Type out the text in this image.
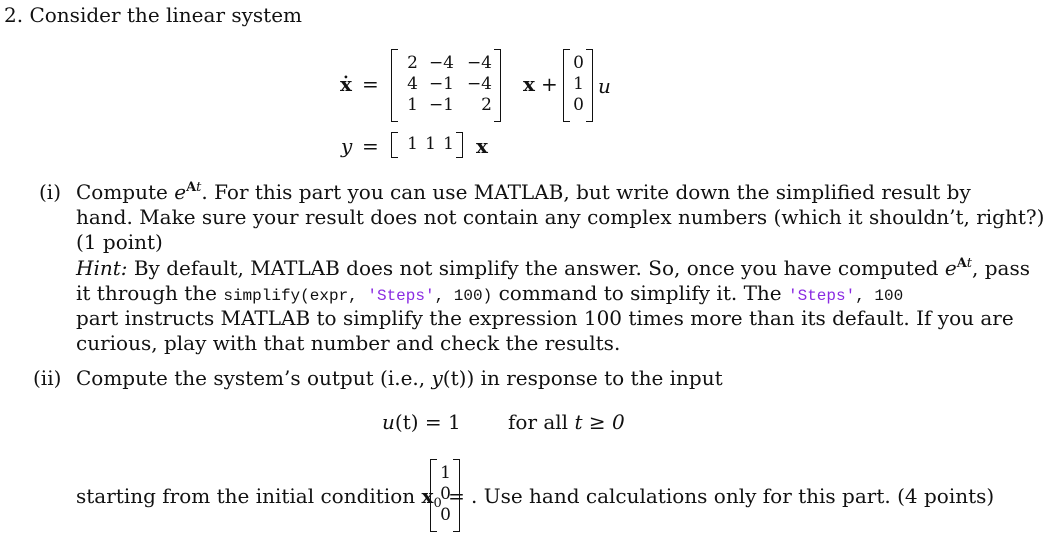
2. Consider the linear system
ẋ =
2 −4 −4
4 −1 −4
1 −1	2
x +
0
1
0
u
y =	1 1 1 x
(i) Compute $e^{At}$. For this part you can use MATLAB, but write down the simplified result by
hand. Make sure your result does not contain any complex numbers (which it shouldn’t, right?)
(1 point)
Hint: By default, MATLAB does not simplify the answer. So, once you have computed $e^{At}$, pass
it through the simplify(expr, 'Steps', 100) command to simplify it. The 'Steps', 100
part instructs MATLAB to simplify the expression 100 times more than its default. If you are
curious, play with that number and check the results.
(ii) Compute the system’s output (i.e., y(t)) in response to the input
u(t) = 1 for all t ≥ 0
starting from the initial condition $x_0$ =
1
0
0
. Use hand calculations only for this part. (4 points)
